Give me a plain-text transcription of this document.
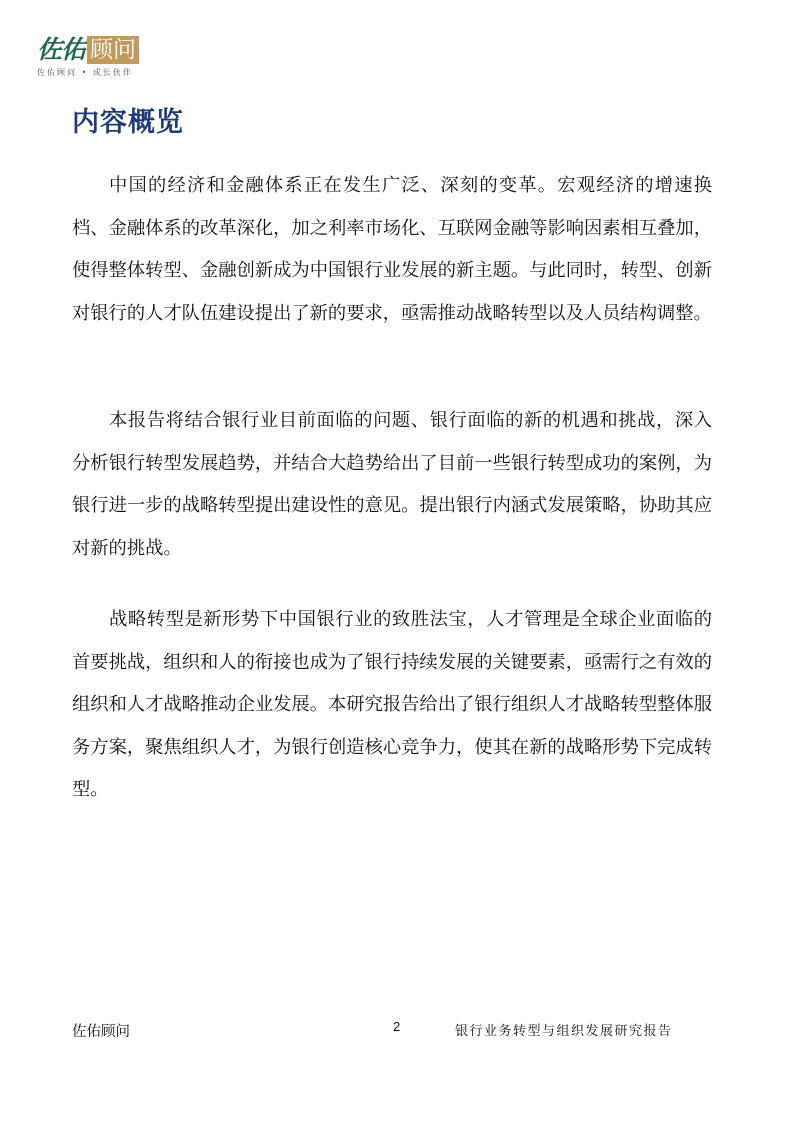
佐佑 顾问
佐佑顾问 • 成长伙伴
内容概览
中国的经济和金融体系正在发生广泛、深刻的变革。宏观经济的增速换档、金融体系的改革深化，加之利率市场化、互联网金融等影响因素相互叠加，使得整体转型、金融创新成为中国银行业发展的新主题。与此同时，转型、创新对银行的人才队伍建设提出了新的要求，亟需推动战略转型以及人员结构调整。
本报告将结合银行业目前面临的问题、银行面临的新的机遇和挑战，深入分析银行转型发展趋势，并结合大趋势给出了目前一些银行转型成功的案例，为银行进一步的战略转型提出建设性的意见。提出银行内涵式发展策略，协助其应对新的挑战。
战略转型是新形势下中国银行业的致胜法宝，人才管理是全球企业面临的首要挑战，组织和人的衔接也成为了银行持续发展的关键要素，亟需行之有效的组织和人才战略推动企业发展。本研究报告给出了银行组织人才战略转型整体服务方案，聚焦组织人才，为银行创造核心竞争力，使其在新的战略形势下完成转型。
佐佑顾问	2	银行业务转型与组织发展研究报告
